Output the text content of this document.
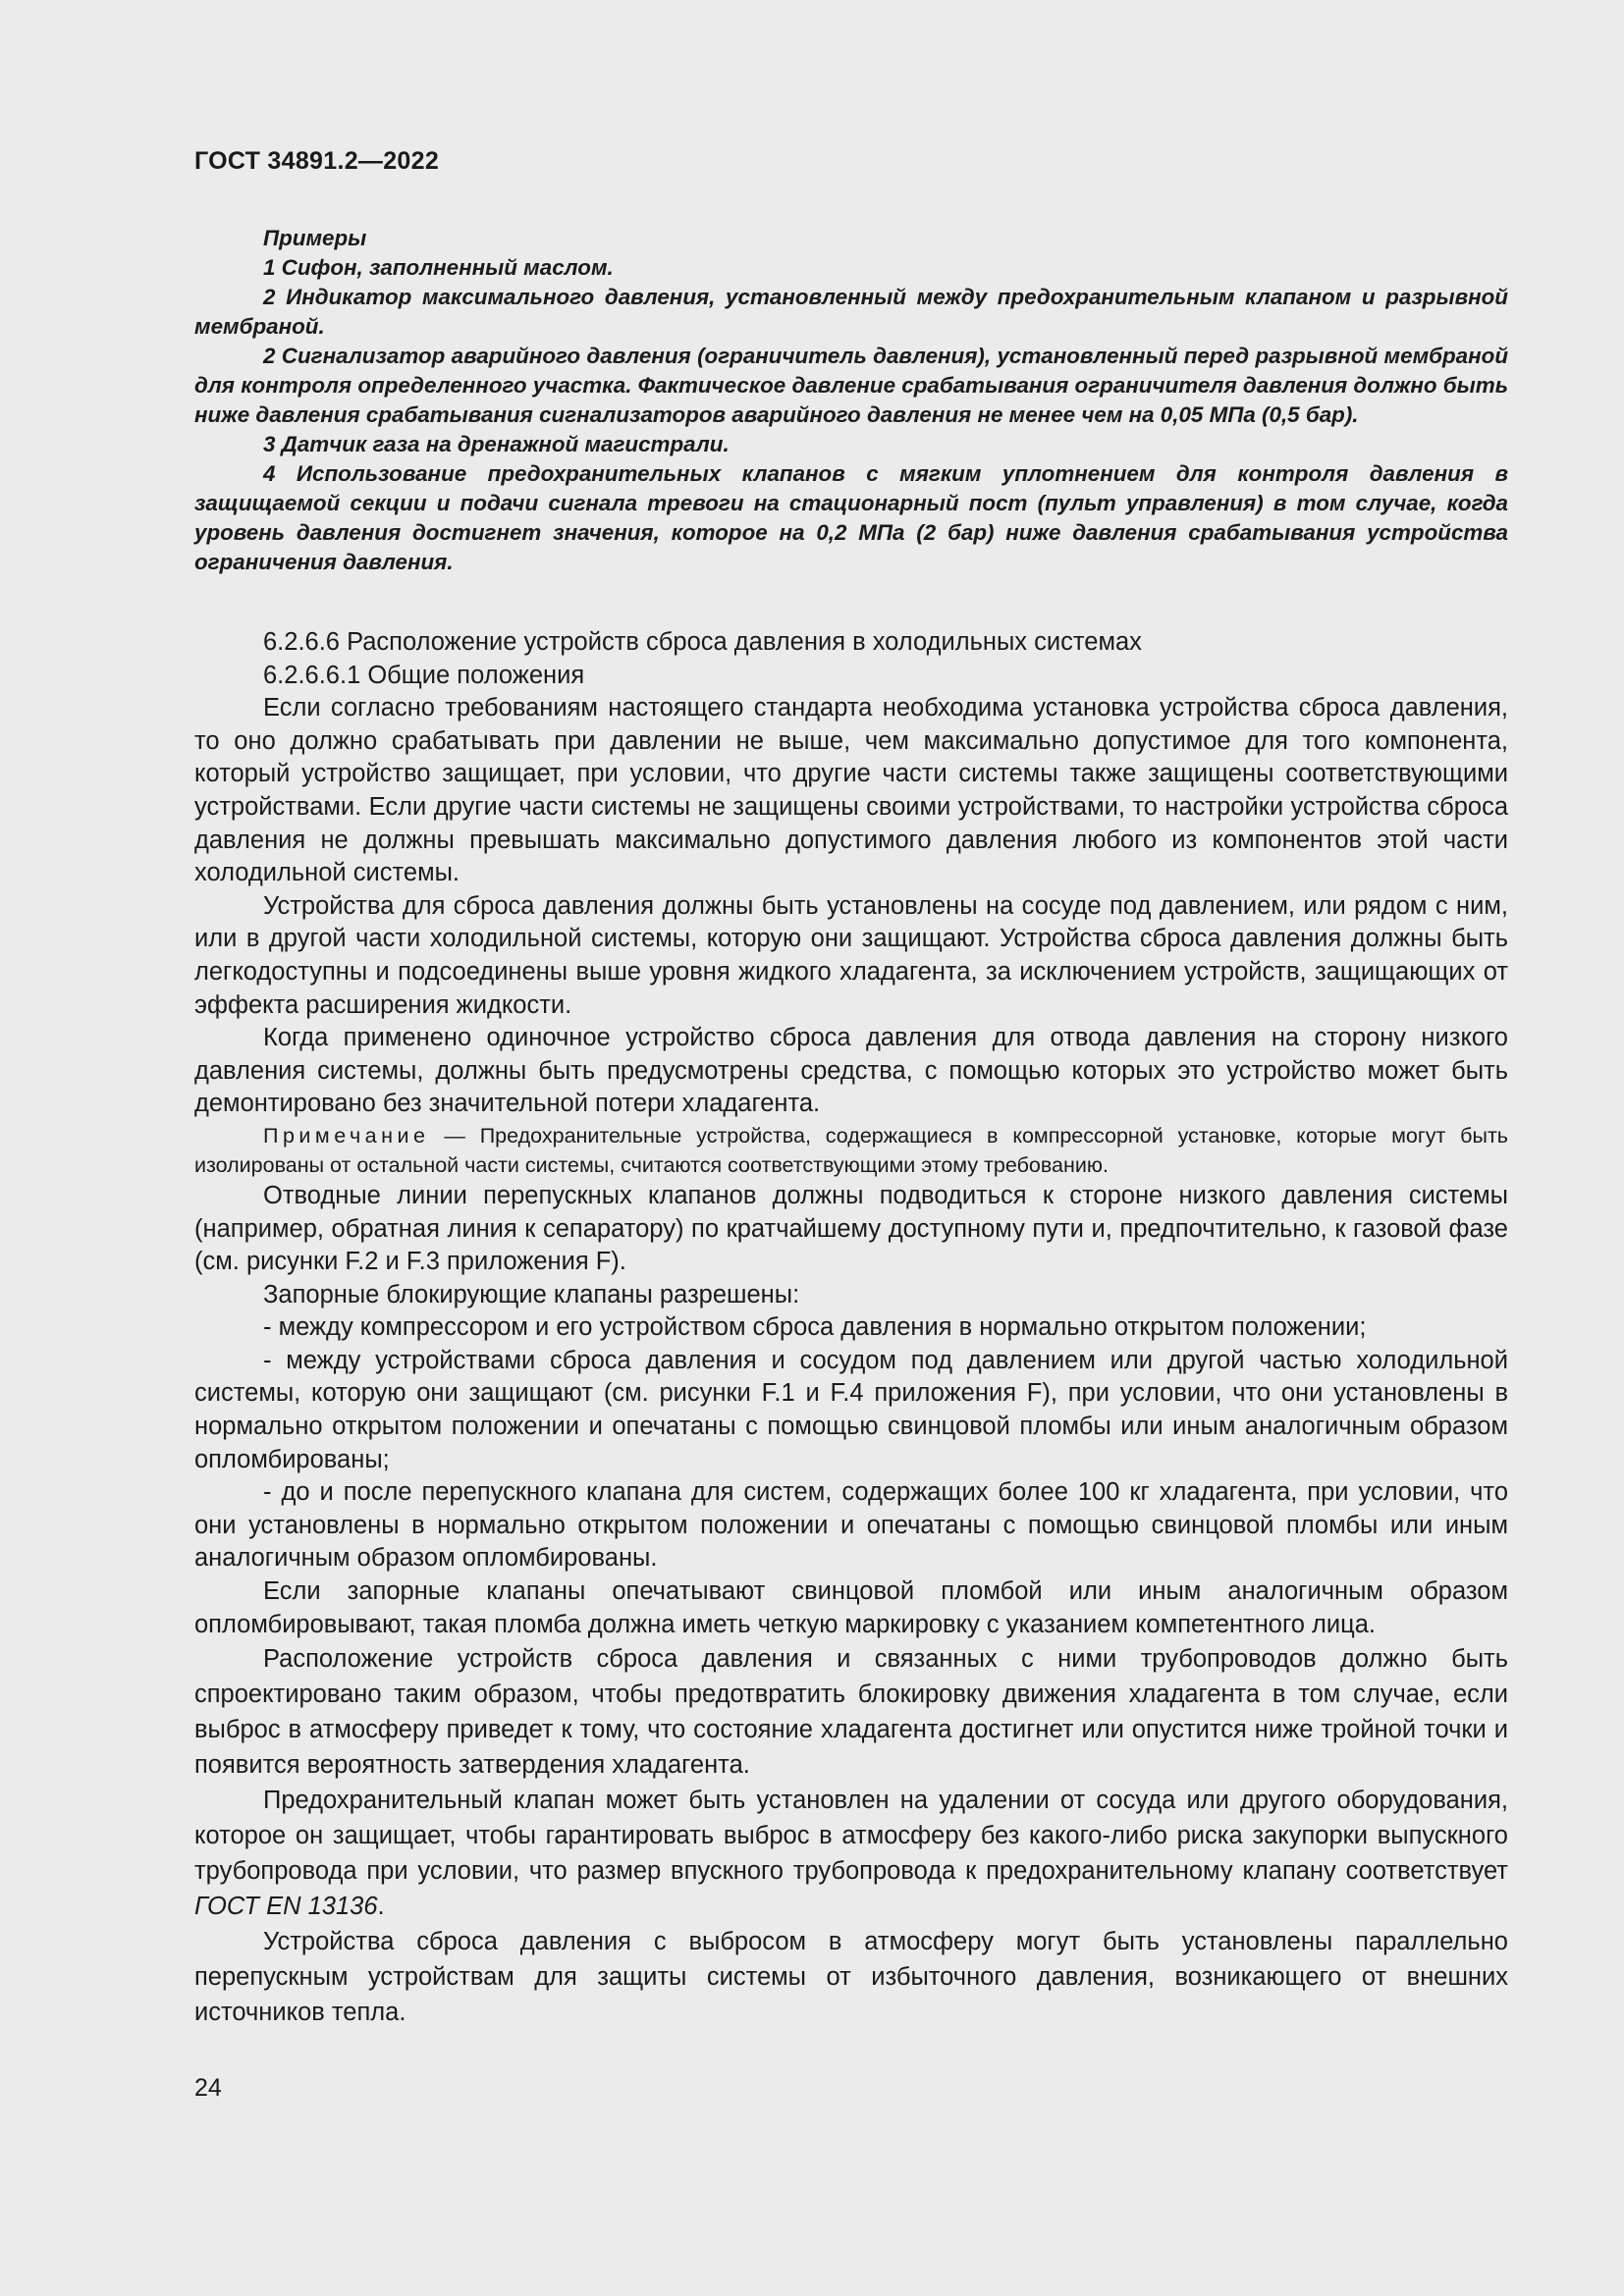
ГОСТ 34891.2—2022

Примеры

1 Сифон, заполненный маслом.

2 Индикатор максимального давления, установленный между предохранительным клапаном и разрывной мембраной.

2 Сигнализатор аварийного давления (ограничитель давления), установленный перед разрывной мембраной для контроля определенного участка. Фактическое давление срабатывания ограничителя давления должно быть ниже давления срабатывания сигнализаторов аварийного давления не менее чем на 0,05 МПа (0,5 бар).

3 Датчик газа на дренажной магистрали.

4 Использование предохранительных клапанов с мягким уплотнением для контроля давления в защищаемой секции и подачи сигнала тревоги на стационарный пост (пульт управления) в том случае, когда уровень давления достигнет значения, которое на 0,2 МПа (2 бар) ниже давления срабатывания устройства ограничения давления.

6.2.6.6 Расположение устройств сброса давления в холодильных системах

6.2.6.6.1 Общие положения

Если согласно требованиям настоящего стандарта необходима установка устройства сброса давления, то оно должно срабатывать при давлении не выше, чем максимально допустимое для того компонента, который устройство защищает, при условии, что другие части системы также защищены соответствующими устройствами. Если другие части системы не защищены своими устройствами, то настройки устройства сброса давления не должны превышать максимально допустимого давления любого из компонентов этой части холодильной системы.

Устройства для сброса давления должны быть установлены на сосуде под давлением, или рядом с ним, или в другой части холодильной системы, которую они защищают. Устройства сброса давления должны быть легкодоступны и подсоединены выше уровня жидкого хладагента, за исключением устройств, защищающих от эффекта расширения жидкости.

Когда применено одиночное устройство сброса давления для отвода давления на сторону низкого давления системы, должны быть предусмотрены средства, с помощью которых это устройство может быть демонтировано без значительной потери хладагента.

Примечание — Предохранительные устройства, содержащиеся в компрессорной установке, которые могут быть изолированы от остальной части системы, считаются соответствующими этому требованию.

Отводные линии перепускных клапанов должны подводиться к стороне низкого давления системы (например, обратная линия к сепаратору) по кратчайшему доступному пути и, предпочтительно, к газовой фазе (см. рисунки F.2 и F.3 приложения F).

Запорные блокирующие клапаны разрешены:

- между компрессором и его устройством сброса давления в нормально открытом положении;

- между устройствами сброса давления и сосудом под давлением или другой частью холодильной системы, которую они защищают (см. рисунки F.1 и F.4 приложения F), при условии, что они установлены в нормально открытом положении и опечатаны с помощью свинцовой пломбы или иным аналогичным образом опломбированы;

- до и после перепускного клапана для систем, содержащих более 100 кг хладагента, при условии, что они установлены в нормально открытом положении и опечатаны с помощью свинцовой пломбы или иным аналогичным образом опломбированы.

Если запорные клапаны опечатывают свинцовой пломбой или иным аналогичным образом опломбировывают, такая пломба должна иметь четкую маркировку с указанием компетентного лица.

Расположение устройств сброса давления и связанных с ними трубопроводов должно быть спроектировано таким образом, чтобы предотвратить блокировку движения хладагента в том случае, если выброс в атмосферу приведет к тому, что состояние хладагента достигнет или опустится ниже тройной точки и появится вероятность затвердения хладагента.

Предохранительный клапан может быть установлен на удалении от сосуда или другого оборудования, которое он защищает, чтобы гарантировать выброс в атмосферу без какого-либо риска закупорки выпускного трубопровода при условии, что размер впускного трубопровода к предохранительному клапану соответствует ГОСТ EN 13136.

Устройства сброса давления с выбросом в атмосферу могут быть установлены параллельно перепускным устройствам для защиты системы от избыточного давления, возникающего от внешних источников тепла.

24
